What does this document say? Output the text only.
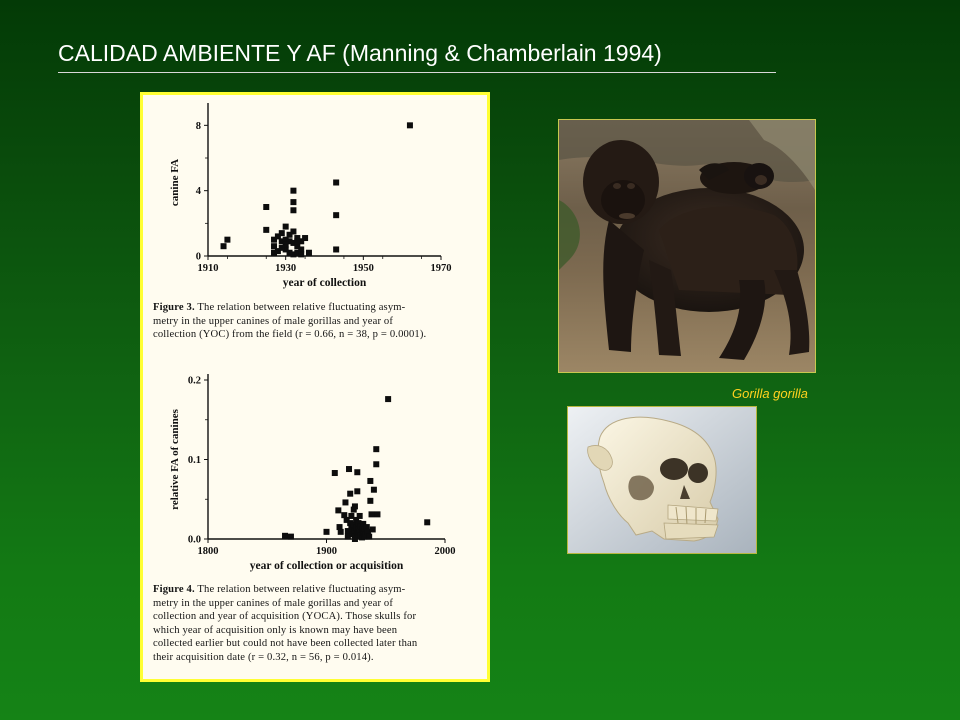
CALIDAD AMBIENTE Y AF (Manning & Chamberlain 1994)
1910	1930	1950	1970
0
4
8
year of collection
canine FA
1800	1900	2000
0.0
0.1
0.2
year of collection or acquisition
relative FA of canines

Figure 3. The relation between relative fluctuating asym-
metry in the upper canines of male gorillas and year of
collection (YOC) from the field (r = 0.66, n = 38, p = 0.0001).

Figure 4. The relation between relative fluctuating asym-
metry in the upper canines of male gorillas and year of
collection and year of acquisition (YOCA). Those skulls for
which year of acquisition only is known may have been
collected earlier but could not have been collected later than
their acquisition date (r = 0.32, n = 56, p = 0.014).

Gorilla gorilla
